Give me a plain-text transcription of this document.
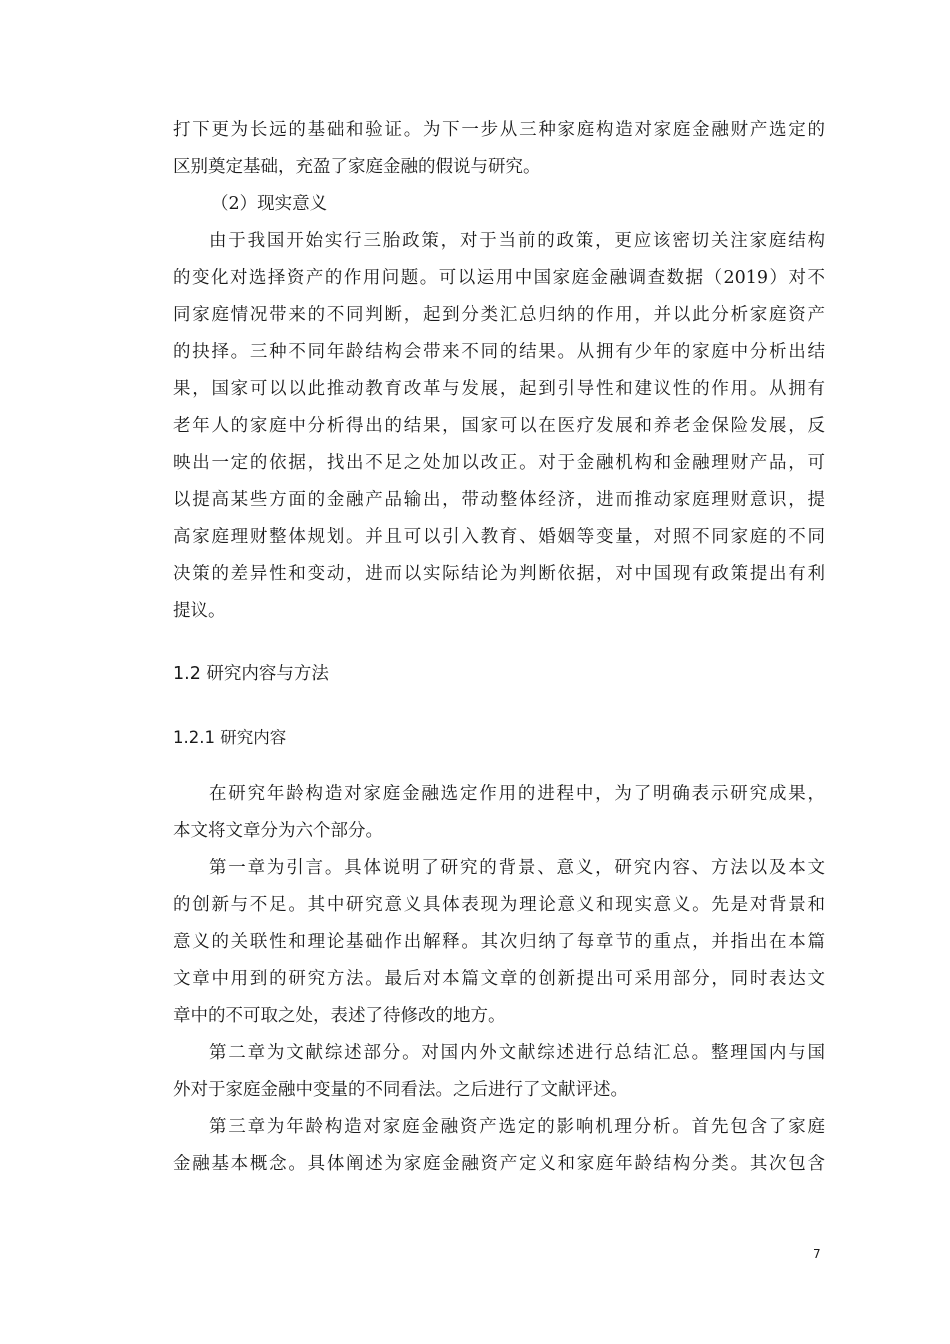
打下更为长远的基础和验证。为下一步从三种家庭构造对家庭金融财产选定的
区别奠定基础，充盈了家庭金融的假说与研究。
（2）现实意义
由于我国开始实行三胎政策，对于当前的政策，更应该密切关注家庭结构
的变化对选择资产的作用问题。可以运用中国家庭金融调查数据（2019）对不
同家庭情况带来的不同判断，起到分类汇总归纳的作用，并以此分析家庭资产
的抉择。三种不同年龄结构会带来不同的结果。从拥有少年的家庭中分析出结
果，国家可以以此推动教育改革与发展，起到引导性和建议性的作用。从拥有
老年人的家庭中分析得出的结果，国家可以在医疗发展和养老金保险发展，反
映出一定的依据，找出不足之处加以改正。对于金融机构和金融理财产品，可
以提高某些方面的金融产品输出，带动整体经济，进而推动家庭理财意识，提
高家庭理财整体规划。并且可以引入教育、婚姻等变量，对照不同家庭的不同
决策的差异性和变动，进而以实际结论为判断依据，对中国现有政策提出有利
提议。
1.2 研究内容与方法
1.2.1 研究内容
在研究年龄构造对家庭金融选定作用的进程中，为了明确表示研究成果，
本文将文章分为六个部分。
第一章为引言。具体说明了研究的背景、意义，研究内容、方法以及本文
的创新与不足。其中研究意义具体表现为理论意义和现实意义。先是对背景和
意义的关联性和理论基础作出解释。其次归纳了每章节的重点，并指出在本篇
文章中用到的研究方法。最后对本篇文章的创新提出可采用部分，同时表达文
章中的不可取之处，表述了待修改的地方。
第二章为文献综述部分。对国内外文献综述进行总结汇总。整理国内与国
外对于家庭金融中变量的不同看法。之后进行了文献评述。
第三章为年龄构造对家庭金融资产选定的影响机理分析。首先包含了家庭
金融基本概念。具体阐述为家庭金融资产定义和家庭年龄结构分类。其次包含
7
